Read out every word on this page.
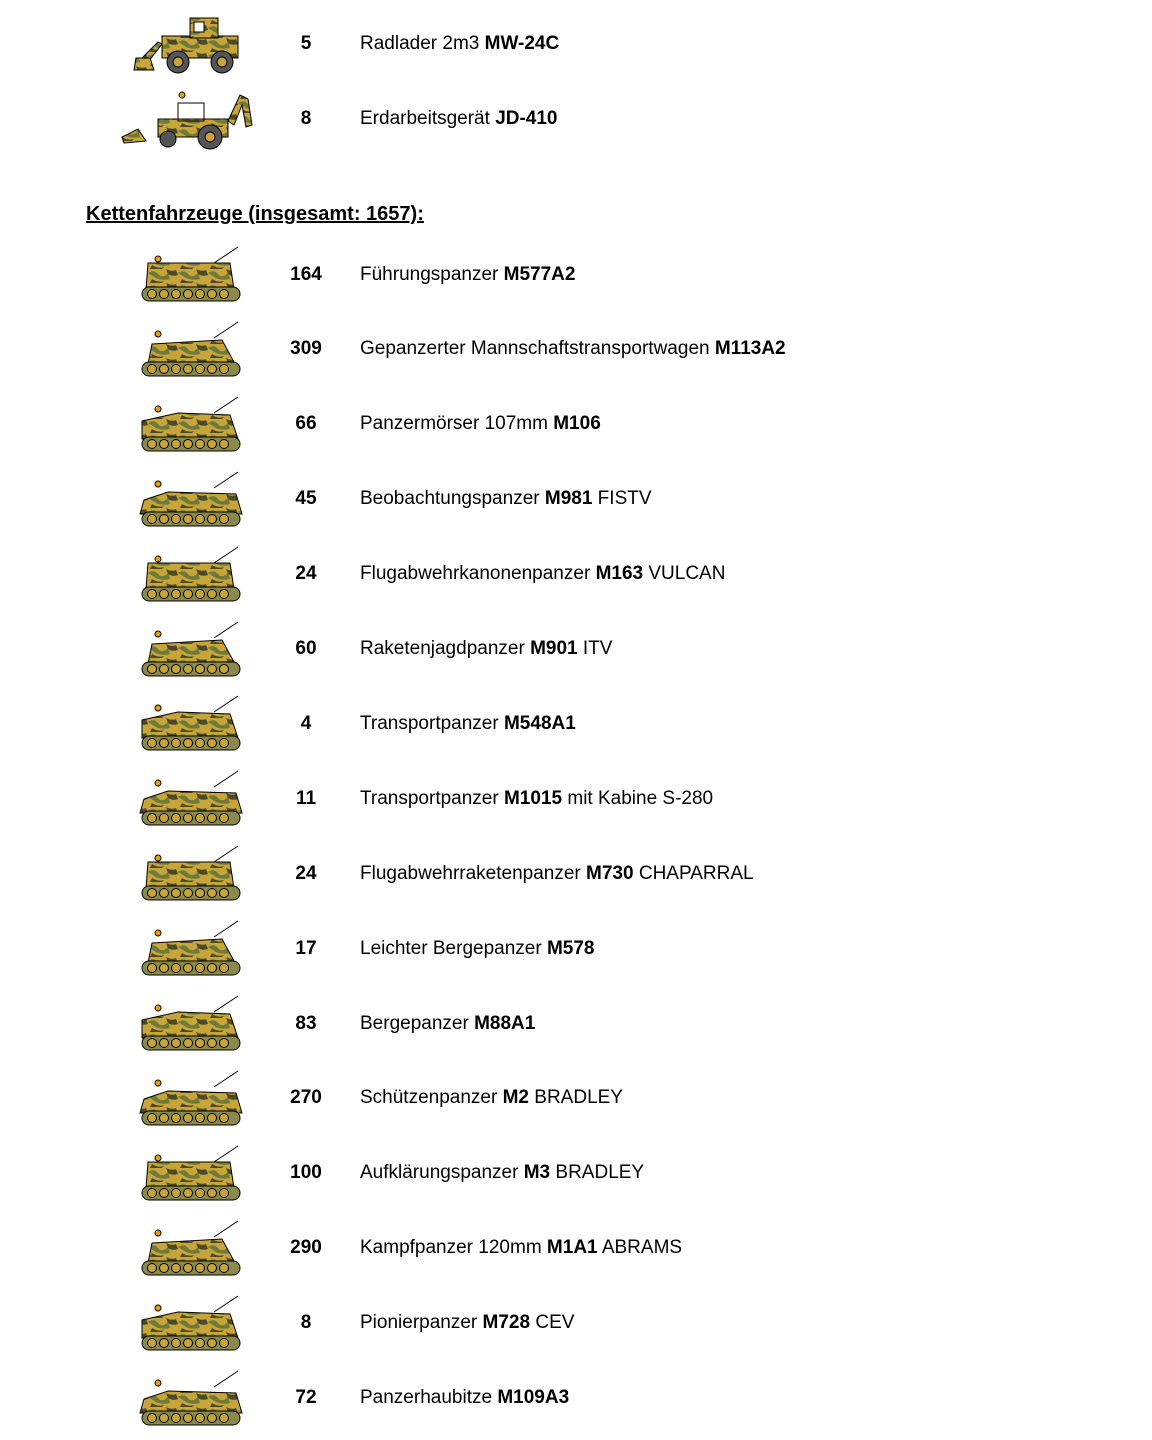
5	Radlader 2m3 MW-24C
8	Erdarbeitsgerät JD-410
Kettenfahrzeuge (insgesamt: 1657):
164	Führungspanzer M577A2
309	Gepanzerter Mannschaftstransportwagen M113A2
66	Panzermörser 107mm M106
45	Beobachtungspanzer M981 FISTV
24	Flugabwehrkanonenpanzer M163 VULCAN
60	Raketenjagdpanzer M901 ITV
4	Transportpanzer M548A1
11	Transportpanzer M1015 mit Kabine S-280
24	Flugabwehrraketenpanzer M730 CHAPARRAL
17	Leichter Bergepanzer M578
83	Bergepanzer M88A1
270	Schützenpanzer M2 BRADLEY
100	Aufklärungspanzer M3 BRADLEY
290	Kampfpanzer 120mm M1A1 ABRAMS
8	Pionierpanzer M728 CEV
72	Panzerhaubitze M109A3
